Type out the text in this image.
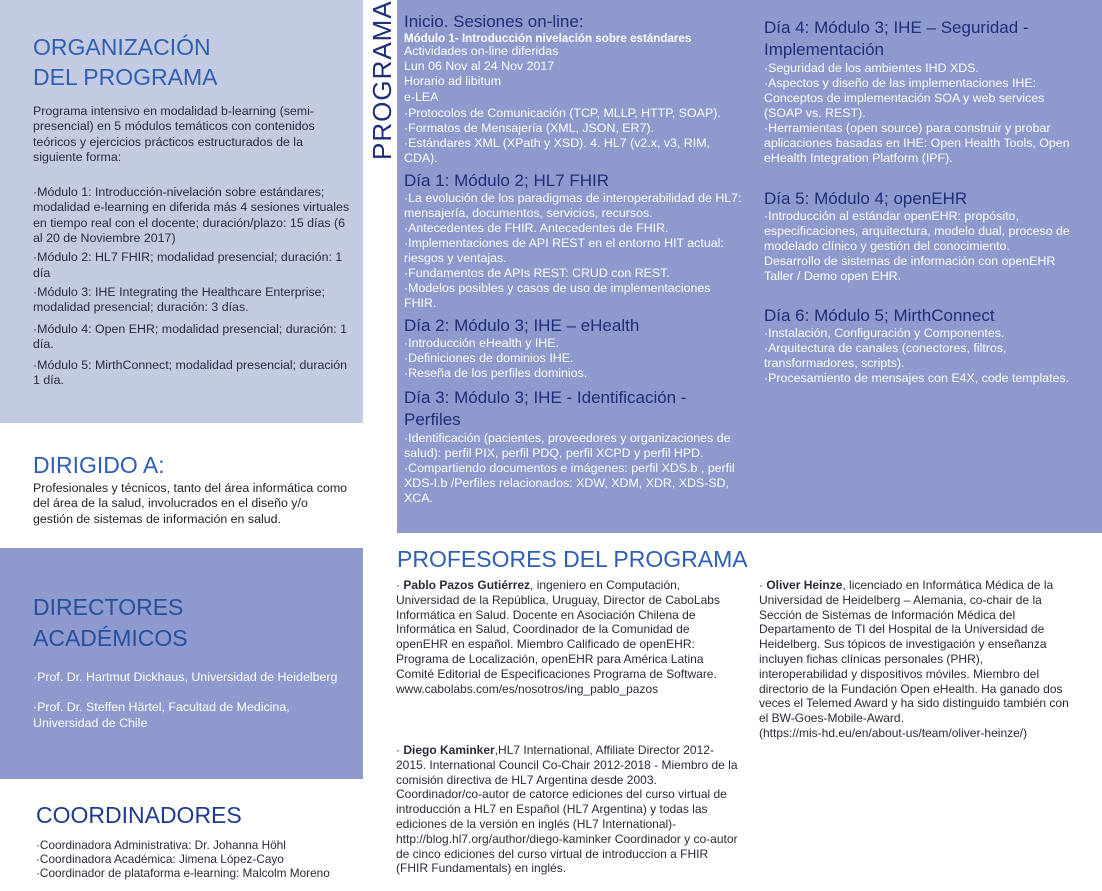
ORGANIZACIÓN
DEL PROGRAMA

Programa intensivo en modalidad b-learning (semi-presencial) en 5 módulos temáticos con contenidos teóricos y ejercicios prácticos estructurados de la siguiente forma:

·Módulo 1: Introducción-nivelación sobre estándares; modalidad e-learning en diferida más 4 sesiones virtuales en tiempo real con el docente; duración/plazo: 15 días (6 al 20 de Noviembre 2017)

·Módulo 2: HL7 FHIR; modalidad presencial; duración: 1 día

·Módulo 3: IHE Integrating the Healthcare Enterprise; modalidad presencial; duración: 3 días.

·Módulo 4: Open EHR; modalidad presencial; duración: 1 día.

·Módulo 5: MirthConnect; modalidad presencial; duración 1 día.

DIRIGIDO A:

Profesionales y técnicos, tanto del área informática como del área de la salud, involucrados en el diseño y/o gestión de sistemas de información en salud.

DIRECTORES
ACADÉMICOS

·Prof. Dr. Hartmut Dickhaus, Universidad de Heidelberg

·Prof. Dr. Steffen Härtel, Facultad de Medicina,
Universidad de Chile

COORDINADORES

·Coordinadora Administrativa: Dr. Johanna Höhl

·Coordinadora Académica: Jimena López-Cayo

·Coordinador de plataforma e-learning: Malcolm Moreno

PROGRAMA Inicio. Sesiones on-line:
Módulo 1- Introducción nivelación sobre estándares
Actividades on-line diferidas
Lun 06 Nov al 24 Nov 2017
Horario ad libitum
e-LEA
·Protocolos de Comunicación (TCP, MLLP, HTTP, SOAP).
·Formatos de Mensajería (XML, JSON, ER7).
·Estándares XML (XPath y XSD). 4. HL7 (v2.x, v3, RIM, CDA).
Día 1: Módulo 2; HL7 FHIR
·La evolución de los paradigmas de interoperabilidad de HL7: mensajería, documentos, servicios, recursos.
·Antecedentes de FHIR. Antecedentes de FHIR.
·Implementaciones de API REST en el entorno HIT actual: riesgos y ventajas.
·Fundamentos de APIs REST: CRUD con REST.
·Modelos posibles y casos de uso de implementaciones FHIR.
Día 2: Módulo 3; IHE – eHealth
·Introducción eHealth y IHE.
·Definiciones de dominios IHE.
·Reseña de los perfiles dominios.
Día 3: Módulo 3; IHE - Identificación - Perfiles
·Identificación (pacientes, proveedores y organizaciones de salud): perfil PIX, perfil PDQ, perfil XCPD y perfil HPD.
·Compartiendo documentos e imágenes: perfil XDS.b , perfil XDS-I.b /Perfiles relacionados: XDW, XDM, XDR, XDS-SD, XCA.
Día 4: Módulo 3; IHE – Seguridad - Implementación
·Seguridad de los ambientes IHD XDS.
·Aspectos y diseño de las implementaciones IHE: Conceptos de implementación SOA y web services (SOAP vs. REST).
·Herramientas (open source) para construir y probar aplicaciones basadas en IHE: Open Health Tools, Open eHealth Integration Platform (IPF).
Día 5: Módulo 4; openEHR
·Introducción al estándar openEHR: propósito, especificaciones, arquitectura, modelo dual, proceso de modelado clínico y gestión del conocimiento.
Desarrollo de sistemas de información con openEHR
Taller / Demo open EHR.
Día 6: Módulo 5; MirthConnect
·Instalación, Configuración y Componentes.
·Arquitectura de canales (conectores, filtros, transformadores, scripts).
·Procesamiento de mensajes con E4X, code templates.
PROFESORES DEL PROGRAMA
· Pablo Pazos Gutiérrez, ingeniero en Computación, Universidad de la República, Uruguay, Director de CaboLabs Informática en Salud. Docente en Asociación Chilena de Informática en Salud, Coordinador de la Comunidad de openEHR en español. Miembro Calificado de openEHR: Programa de Localización, openEHR para América Latina Comité Editorial de Especificaciones Programa de Software.
www.cabolabs.com/es/nosotros/ing_pablo_pazos
· Diego Kaminker,HL7 International, Affiliate Director 2012-2015. International Council Co-Chair 2012-2018 - Miembro de la comisión directiva de HL7 Argentina desde 2003. Coordinador/co-autor de catorce ediciones del curso virtual de introducción a HL7 en Español (HL7 Argentina) y todas las ediciones de la versión en inglés (HL7 International)- http://blog.hl7.org/author/diego-kaminker Coordinador y co-autor de cinco ediciones del curso virtual de introduccion a FHIR (FHIR Fundamentals) en inglés.
· Oliver Heinze, licenciado en Informática Médica de la Universidad de Heidelberg – Alemania, co-chair de la Sección de Sistemas de Información Médica del Departamento de TI del Hospital de la Universidad de Heidelberg. Sus tópicos de investigación y enseñanza incluyen fichas clínicas personales (PHR), interoperabilidad y dispositivos móviles. Miembro del directorio de la Fundación Open eHealth. Ha ganado dos veces el Telemed Award y ha sido distinguido también con el BW-Goes-Mobile-Award.
(https://mis-hd.eu/en/about-us/team/oliver-heinze/)
